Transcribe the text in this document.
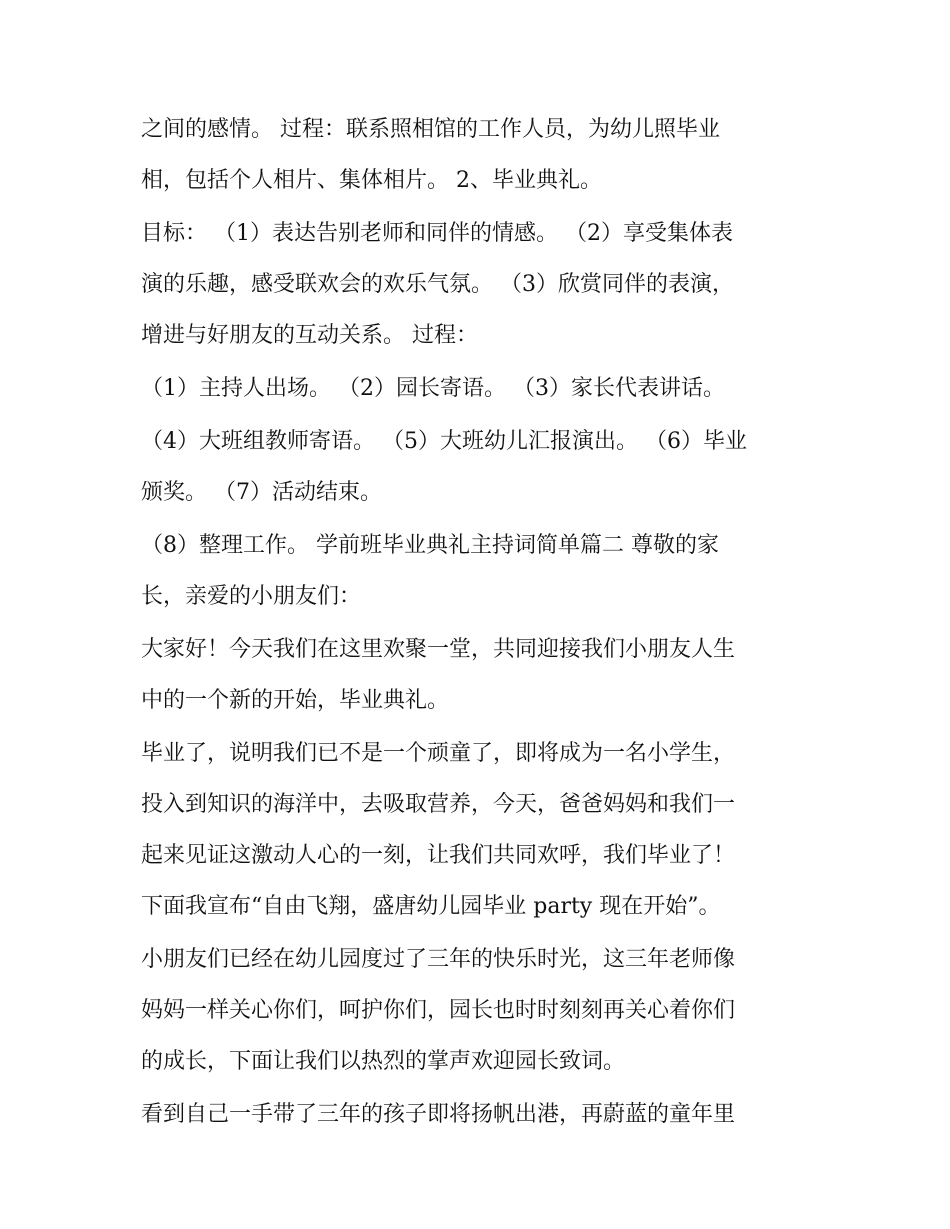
之间的感情。 过程：联系照相馆的工作人员，为幼儿照毕业
相，包括个人相片、集体相片。 2、毕业典礼。
目标： （1）表达告别老师和同伴的情感。 （2）享受集体表
演的乐趣，感受联欢会的欢乐气氛。 （3）欣赏同伴的表演，
增进与好朋友的互动关系。 过程：
（1）主持人出场。 （2）园长寄语。 （3）家长代表讲话。
（4）大班组教师寄语。 （5）大班幼儿汇报演出。 （6）毕业
颁奖。 （7）活动结束。
（8）整理工作。 学前班毕业典礼主持词简单篇二 尊敬的家
长，亲爱的小朋友们：
大家好！今天我们在这里欢聚一堂，共同迎接我们小朋友人生
中的一个新的开始，毕业典礼。
毕业了，说明我们已不是一个顽童了，即将成为一名小学生，
投入到知识的海洋中，去吸取营养，今天，爸爸妈妈和我们一
起来见证这激动人心的一刻，让我们共同欢呼，我们毕业了！
下面我宣布“自由飞翔，盛唐幼儿园毕业 party 现在开始”。
小朋友们已经在幼儿园度过了三年的快乐时光，这三年老师像
妈妈一样关心你们，呵护你们，园长也时时刻刻再关心着你们
的成长，下面让我们以热烈的掌声欢迎园长致词。
看到自己一手带了三年的孩子即将扬帆出港，再蔚蓝的童年里
